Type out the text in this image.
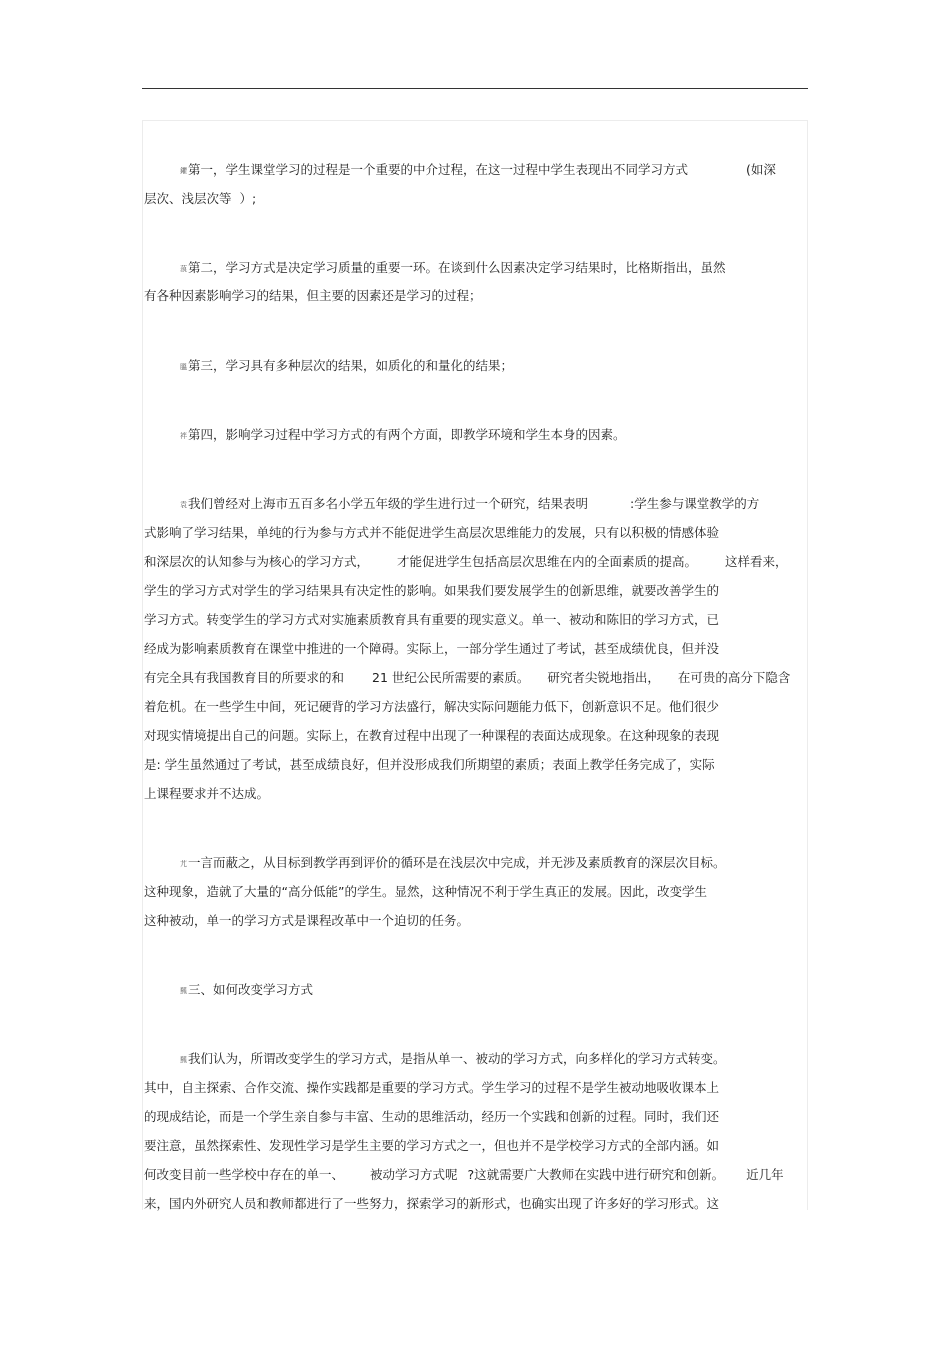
鑺第一，学生课堂学习的过程是一个重要的中介过程，在这一过程中学生表现出不同学习方式	(如深
层次、浅层次等 ）;
蒗第二，学习方式是决定学习质量的重要一环。在谈到什么因素决定学习结果时，比格斯指出，虽然
有各种因素影响学习的结果，但主要的因素还是学习的过程；
膃第三，学习具有多种层次的结果，如质化的和量化的结果；
袢第四，影响学习过程中学习方式的有两个方面，即教学环境和学生本身的因素。
袁我们曾经对上海市五百多名小学五年级的学生进行过一个研究，结果表明	:学生参与课堂教学的方
式影响了学习结果，单纯的行为参与方式并不能促进学生高层次思维能力的发展，只有以积极的情感体验
和深层次的认知参与为核心的学习方式， 才能促进学生包括高层次思维在内的全面素质的提高。 这样看来，
学生的学习方式对学生的学习结果具有决定性的影响。如果我们要发展学生的创新思维，就要改善学生的
学习方式。转变学生的学习方式对实施素质教育具有重要的现实意义。单一、被动和陈旧的学习方式，已
经成为影响素质教育在课堂中推进的一个障碍。实际上，一部分学生通过了考试，甚至成绩优良，但并没
有完全具有我国教育目的所要求的和 21 世纪公民所需要的素质。 研究者尖锐地指出， 在可贵的高分下隐含
着危机。在一些学生中间，死记硬背的学习方法盛行，解决实际问题能力低下，创新意识不足。他们很少
对现实情境提出自己的问题。实际上，在教育过程中出现了一种课程的表面达成现象。在这种现象的表现
是: 学生虽然通过了考试，甚至成绩良好，但并没形成我们所期望的素质；表面上教学任务完成了，实际
上课程要求并不达成。
芁一言而蔽之，从目标到教学再到评价的循环是在浅层次中完成，并无涉及素质教育的深层次目标。
这种现象，造就了大量的“高分低能”的学生。显然，这种情况不利于学生真正的发展。因此，改变学生
这种被动，单一的学习方式是课程改革中一个迫切的任务。
羆三、如何改变学习方式
羆我们认为，所谓改变学生的学习方式，是指从单一、被动的学习方式，向多样化的学习方式转变。
其中，自主探索、合作交流、操作实践都是重要的学习方式。学生学习的过程不是学生被动地吸收课本上
的现成结论，而是一个学生亲自参与丰富、生动的思维活动，经历一个实践和创新的过程。同时，我们还
要注意，虽然探索性、发现性学习是学生主要的学习方式之一，但也并不是学校学习方式的全部内涵。如
何改变目前一些学校中存在的单一、 被动学习方式呢 ?这就需要广大教师在实践中进行研究和创新。 近几年
来，国内外研究人员和教师都进行了一些努力，探索学习的新形式，也确实出现了许多好的学习形式。这
